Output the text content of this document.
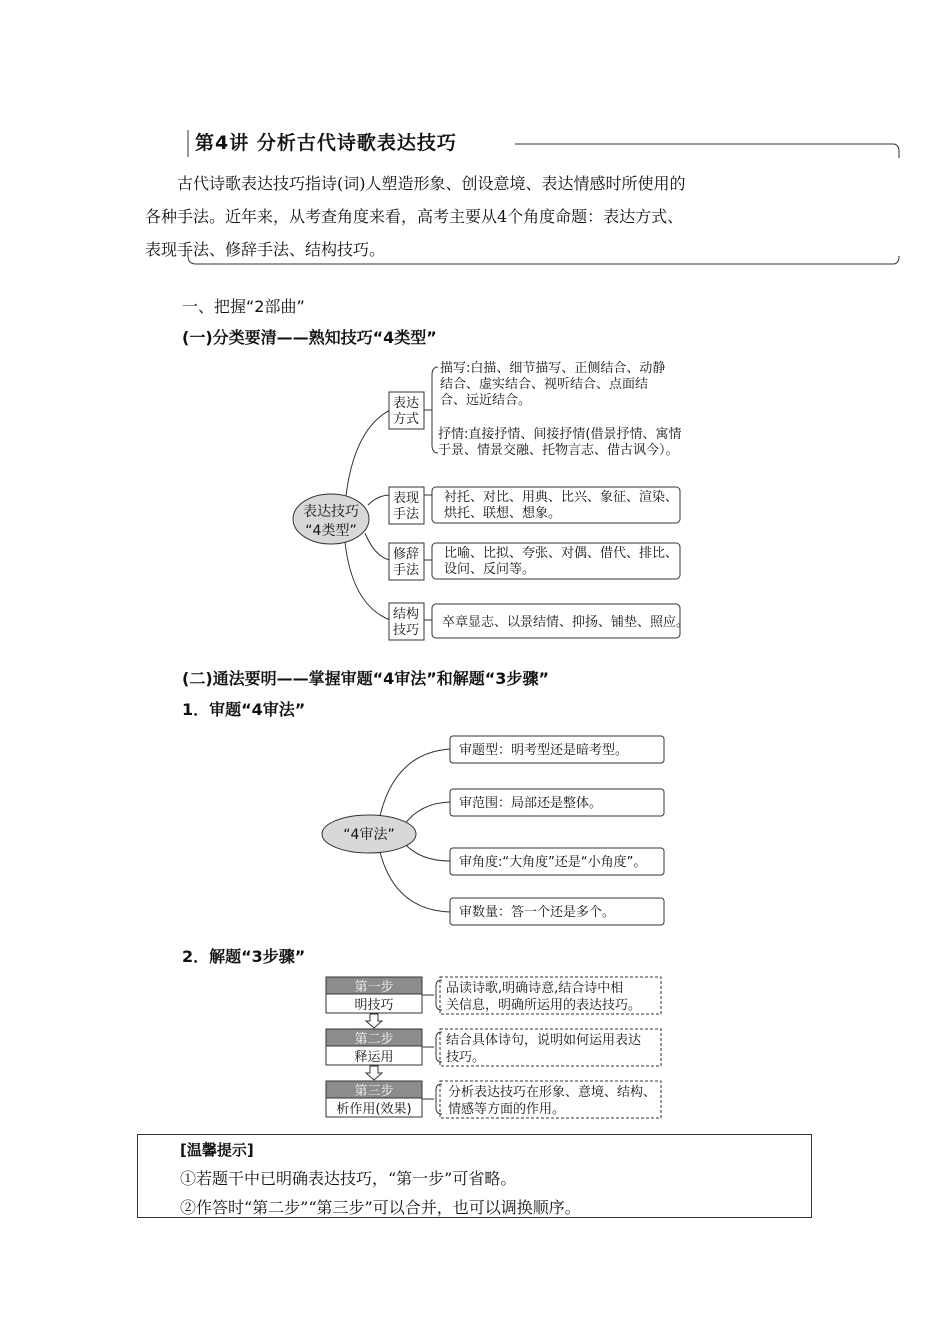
第4讲 分析古代诗歌表达技巧
古代诗歌表达技巧指诗(词)人塑造形象、创设意境、表达情感时所使用的
各种手法。近年来，从考查角度来看，高考主要从4个角度命题：表达方式、
表现手法、修辞手法、结构技巧。
一、把握“2部曲”
(一)分类要清——熟知技巧“4类型”
表达技巧
“4类型”
表达
方式
表现
手法
修辞
手法
结构
技巧
描写:白描、细节描写、正侧结合、动静
结合、虚实结合、视听结合、点面结
合、远近结合。
抒情:直接抒情、间接抒情(借景抒情、寓情
于景、情景交融、托物言志、借古讽今）。
衬托、对比、用典、比兴、象征、渲染、
烘托、联想、想象。
比喻、比拟、夸张、对偶、借代、排比、
设问、反问等。
卒章显志、以景结情、抑扬、铺垫、照应。
(二)通法要明——掌握审题“4审法”和解题“3步骤”
1．审题“4审法”
“4审法”
审题型：明考型还是暗考型。
审范围：局部还是整体。
审角度:“大角度”还是“小角度”。
审数量：答一个还是多个。
2．解题“3步骤”
第一步
明技巧
第二步
释运用
第三步
析作用(效果)
品读诗歌,明确诗意,结合诗中相
关信息，明确所运用的表达技巧。
结合具体诗句，说明如何运用表达
技巧。
分析表达技巧在形象、意境、结构、
情感等方面的作用。
[温馨提示]
①若题干中已明确表达技巧，“第一步”可省略。
②作答时“第二步”“第三步”可以合并，也可以调换顺序。
